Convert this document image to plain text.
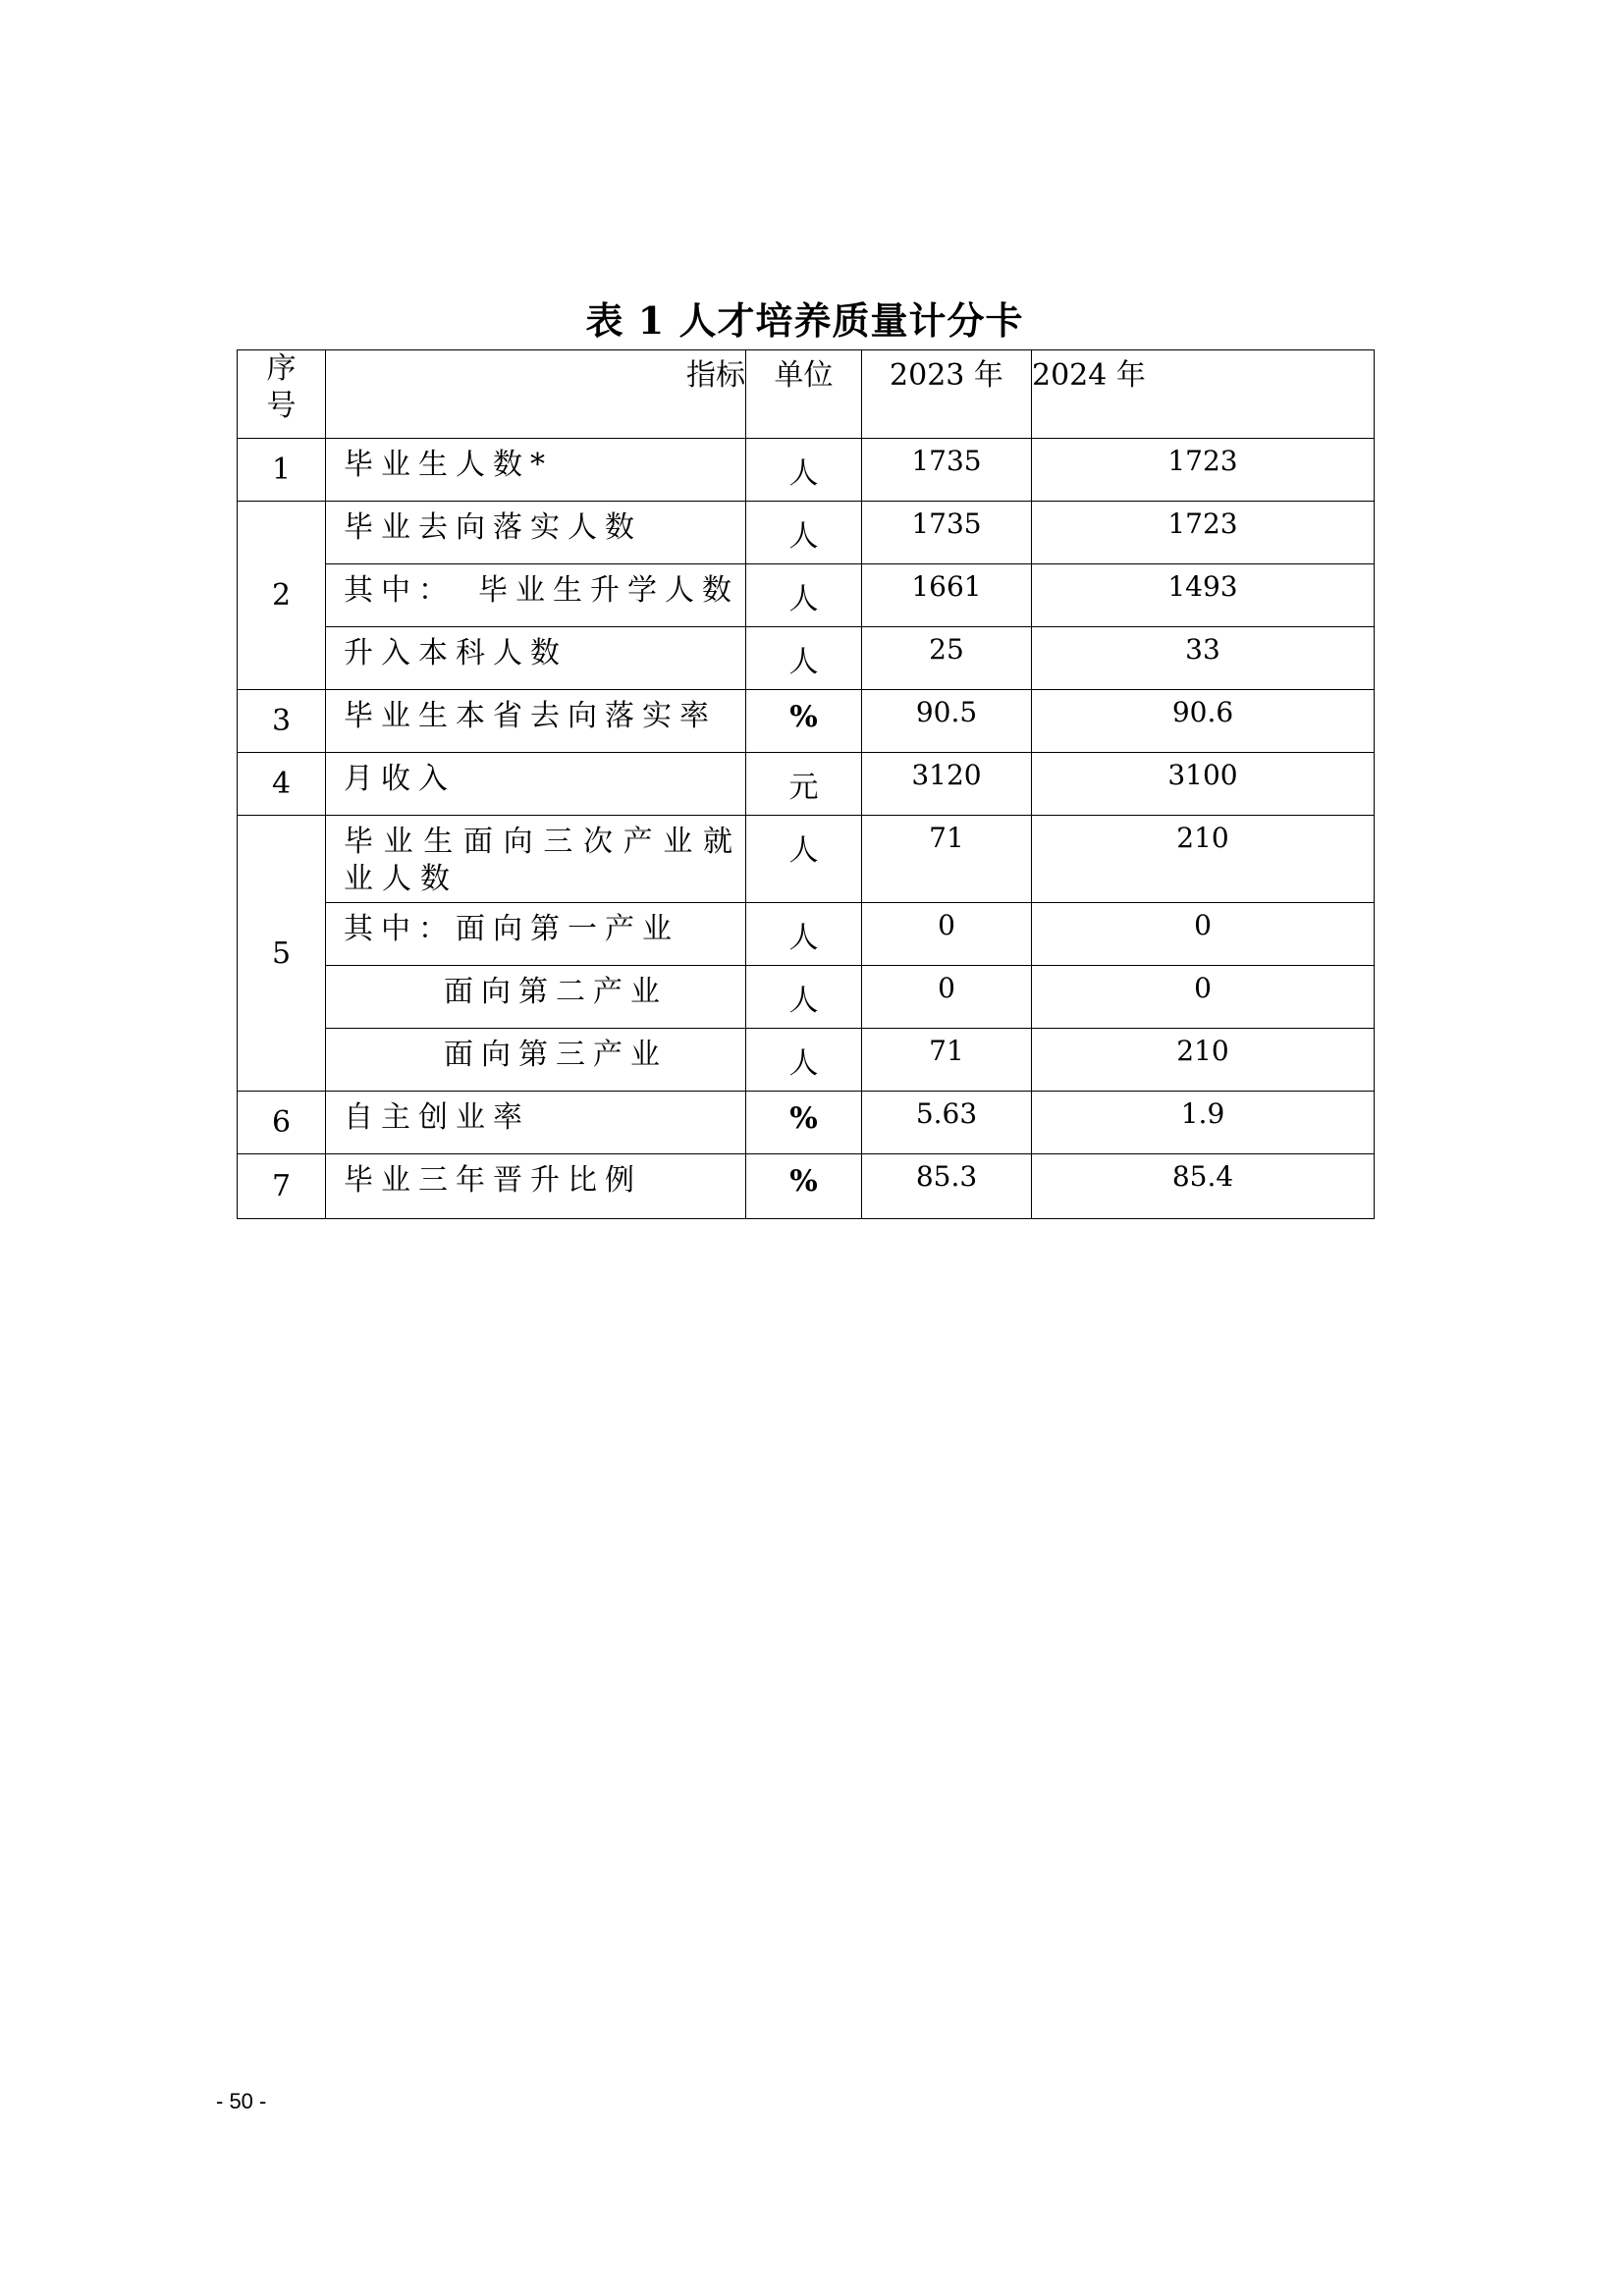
表 1 人才培养质量计分卡
序号	指标	单位	2023 年	2024 年
1	毕业生人数*	人	1735	1723
2	毕业去向落实人数	人	1735	1723
	其中：　毕业生升学人数	人	1661	1493
	升入本科人数	人	25	33
3	毕业生本省去向落实率	%	90.5	90.6
4	月收入	元	3120	3100
5	毕业生面向三次产业就业人数	人	71	210
	其中：面向第一产业	人	0	0
	面向第二产业	人	0	0
	面向第三产业	人	71	210
6	自主创业率	%	5.63	1.9
7	毕业三年晋升比例	%	85.3	85.4
- 50 -
